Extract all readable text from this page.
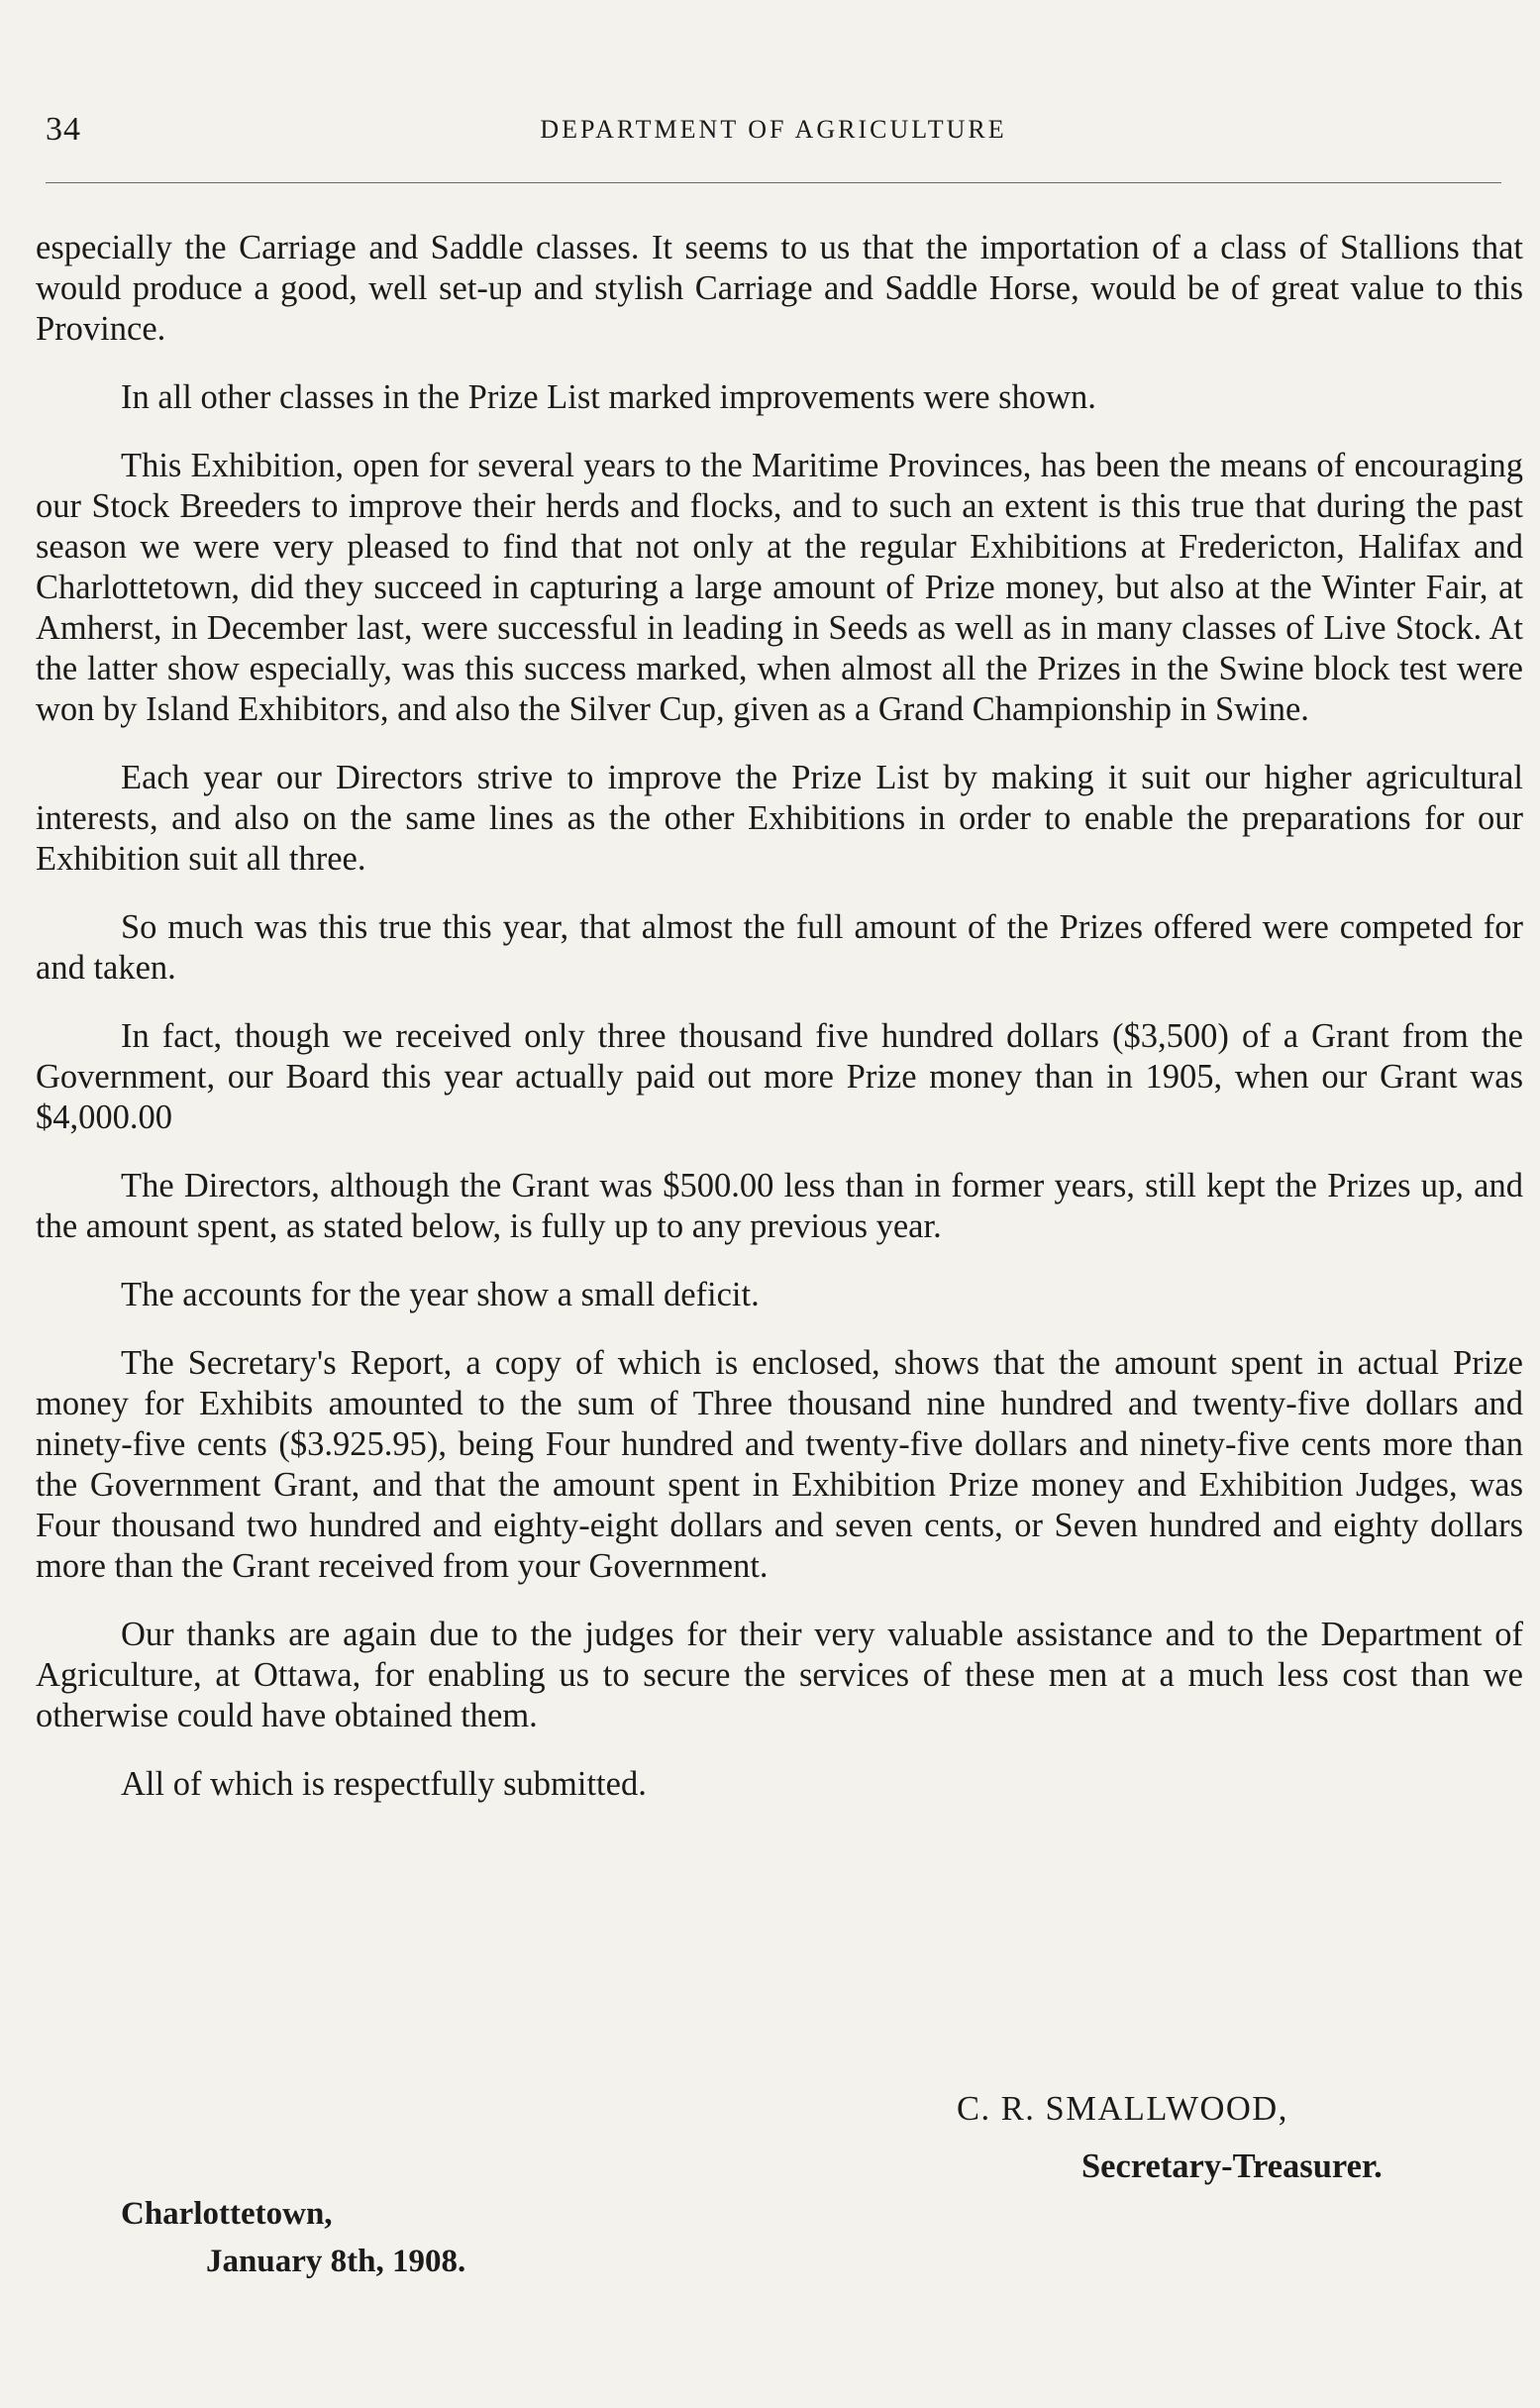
34	DEPARTMENT OF AGRICULTURE

especially the Carriage and Saddle classes. It seems to us that the importation of a class of Stallions that would produce a good, well set-up and stylish Carriage and Saddle Horse, would be of great value to this Province.

In all other classes in the Prize List marked improvements were shown.

This Exhibition, open for several years to the Maritime Provinces, has been the means of encouraging our Stock Breeders to improve their herds and flocks, and to such an extent is this true that during the past season we were very pleased to find that not only at the regular Exhibitions at Fredericton, Halifax and Charlottetown, did they succeed in capturing a large amount of Prize money, but also at the Winter Fair, at Amherst, in December last, were successful in leading in Seeds as well as in many classes of Live Stock. At the latter show especially, was this success marked, when almost all the Prizes in the Swine block test were won by Island Exhibitors, and also the Silver Cup, given as a Grand Championship in Swine.

Each year our Directors strive to improve the Prize List by making it suit our higher agricultural interests, and also on the same lines as the other Exhibitions in order to enable the preparations for our Exhibition suit all three.

So much was this true this year, that almost the full amount of the Prizes offered were competed for and taken.

In fact, though we received only three thousand five hundred dollars ($3,500) of a Grant from the Government, our Board this year actually paid out more Prize money than in 1905, when our Grant was $4,000.00

The Directors, although the Grant was $500.00 less than in former years, still kept the Prizes up, and the amount spent, as stated below, is fully up to any previous year.

The accounts for the year show a small deficit.

The Secretary's Report, a copy of which is enclosed, shows that the amount spent in actual Prize money for Exhibits amounted to the sum of Three thousand nine hundred and twenty-five dollars and ninety-five cents ($3.925.95), being Four hundred and twenty-five dollars and ninety-five cents more than the Government Grant, and that the amount spent in Exhibition Prize money and Exhibition Judges, was Four thousand two hundred and eighty-eight dollars and seven cents, or Seven hundred and eighty dollars more than the Grant received from your Government.

Our thanks are again due to the judges for their very valuable assistance and to the Department of Agriculture, at Ottawa, for enabling us to secure the services of these men at a much less cost than we otherwise could have obtained them.

All of which is respectfully submitted.

C. R. SMALLWOOD,
Secretary-Treasurer.
Charlottetown,
January 8th, 1908.
